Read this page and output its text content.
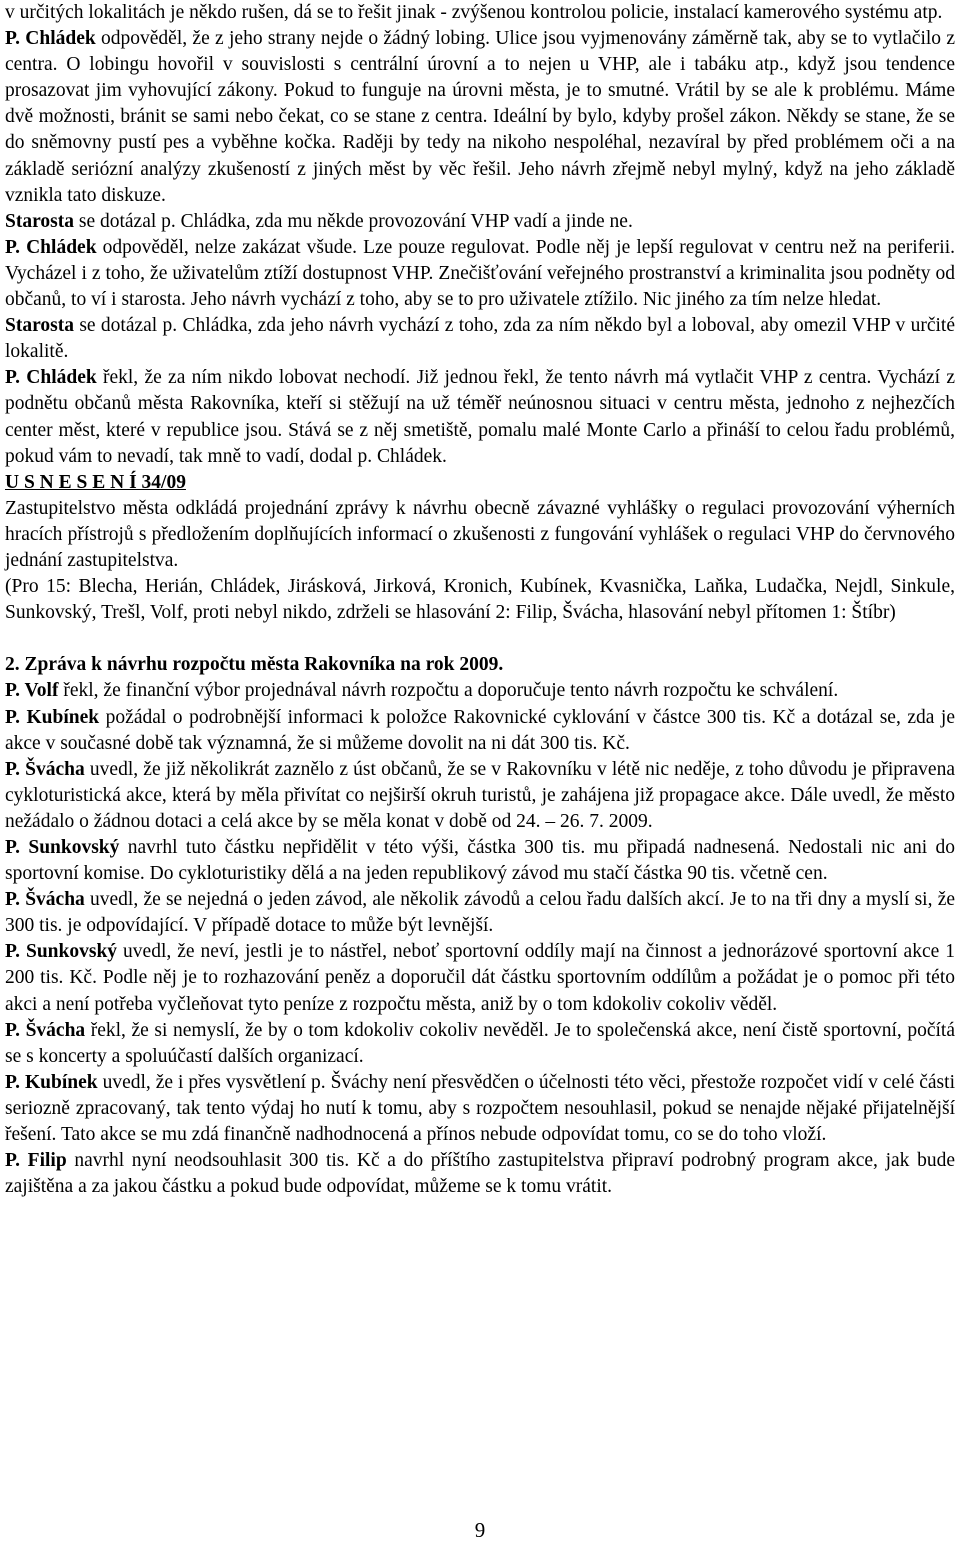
v určitých lokalitách je někdo rušen, dá se to řešit jinak - zvýšenou kontrolou policie, instalací kamerového systému atp.

P. Chládek odpověděl, že z jeho strany nejde o žádný lobing. Ulice jsou vyjmenovány záměrně tak, aby se to vytlačilo z centra. O lobingu hovořil v souvislosti s centrální úrovní a to nejen u VHP, ale i tabáku atp., když jsou tendence prosazovat jim vyhovující zákony. Pokud to funguje na úrovni města, je to smutné. Vrátil by se ale k problému. Máme dvě možnosti, bránit se sami nebo čekat, co se stane z centra. Ideální by bylo, kdyby prošel zákon. Někdy se stane, že se do sněmovny pustí pes a vyběhne kočka. Raději by tedy na nikoho nespoléhal, nezavíral by před problémem oči a na základě seriózní analýzy zkušeností z jiných měst by věc řešil. Jeho návrh zřejmě nebyl mylný, když na jeho základě vznikla tato diskuze.

Starosta se dotázal p. Chládka, zda mu někde provozování VHP vadí a jinde ne.

P. Chládek odpověděl, nelze zakázat všude. Lze pouze regulovat. Podle něj je lepší regulovat v centru než na periferii. Vycházel i z toho, že uživatelům ztíží dostupnost VHP. Znečišťování veřejného prostranství a kriminalita jsou podněty od občanů, to ví i starosta. Jeho návrh vychází z toho, aby se to pro uživatele ztížilo. Nic jiného za tím nelze hledat.

Starosta se dotázal p. Chládka, zda jeho návrh vychází z toho, zda za ním někdo byl a loboval, aby omezil VHP v určité lokalitě.

P. Chládek řekl, že za ním nikdo lobovat nechodí. Již jednou řekl, že tento návrh má vytlačit VHP z centra. Vychází z podnětu občanů města Rakovníka, kteří si stěžují na už téměř neúnosnou situaci v centru města, jednoho z nejhezčích center měst, které v republice jsou. Stává se z něj smetiště, pomalu malé Monte Carlo a přináší to celou řadu problémů, pokud vám to nevadí, tak mně to vadí, dodal p. Chládek.

U S N E S E N Í 34/09

Zastupitelstvo města odkládá projednání zprávy k návrhu obecně závazné vyhlášky o regulaci provozování výherních hracích přístrojů s předložením doplňujících informací o zkušenosti z fungování vyhlášek o regulaci VHP do červnového jednání zastupitelstva.

(Pro 15: Blecha, Herián, Chládek, Jirásková, Jirková, Kronich, Kubínek, Kvasnička, Laňka, Ludačka, Nejdl, Sinkule, Sunkovský, Trešl, Volf, proti nebyl nikdo, zdrželi se hlasování 2: Filip, Švácha, hlasování nebyl přítomen 1: Štíbr)

2. Zpráva k návrhu rozpočtu města Rakovníka na rok 2009.

P. Volf řekl, že finanční výbor projednával návrh rozpočtu a doporučuje tento návrh rozpočtu ke schválení.

P. Kubínek požádal o podrobnější informaci k položce Rakovnické cyklování v částce 300 tis. Kč a dotázal se, zda je akce v současné době tak významná, že si můžeme dovolit na ni dát 300 tis. Kč.

P. Švácha uvedl, že již několikrát zaznělo z úst občanů, že se v Rakovníku v létě nic neděje, z toho důvodu je připravena cykloturistická akce, která by měla přivítat co nejširší okruh turistů, je zahájena již propagace akce. Dále uvedl, že město nežádalo o žádnou dotaci a celá akce by se měla konat v době od 24. – 26. 7. 2009.

P. Sunkovský navrhl tuto částku nepřidělit v této výši, částka 300 tis. mu připadá nadnesená. Nedostali nic ani do sportovní komise. Do cykloturistiky dělá a na jeden republikový závod mu stačí částka 90 tis. včetně cen.

P. Švácha uvedl, že se nejedná o jeden závod, ale několik závodů a celou řadu dalších akcí. Je to na tři dny a myslí si, že 300 tis. je odpovídající. V případě dotace to může být levnější.

P. Sunkovský uvedl, že neví, jestli je to nástřel, neboť sportovní oddíly mají na činnost a jednorázové sportovní akce 1 200 tis. Kč. Podle něj je to rozhazování peněz a doporučil dát částku sportovním oddílům a požádat je o pomoc při této akci a není potřeba vyčleňovat tyto peníze z rozpočtu města, aniž by o tom kdokoliv cokoliv věděl.

P. Švácha řekl, že si nemyslí, že by o tom kdokoliv cokoliv nevěděl. Je to společenská akce, není čistě sportovní, počítá se s koncerty a spoluúčastí dalších organizací.

P. Kubínek uvedl, že i přes vysvětlení p. Šváchy není přesvědčen o účelnosti této věci, přestože rozpočet vidí v celé části seriozně zpracovaný, tak tento výdaj ho nutí k tomu, aby s rozpočtem nesouhlasil, pokud se nenajde nějaké přijatelnější řešení. Tato akce se mu zdá finančně nadhodnocená a přínos nebude odpovídat tomu, co se do toho vloží.

P. Filip navrhl nyní neodsouhlasit 300 tis. Kč a do příštího zastupitelstva připraví podrobný program akce, jak bude zajištěna a za jakou částku a pokud bude odpovídat, můžeme se k tomu vrátit.

9
